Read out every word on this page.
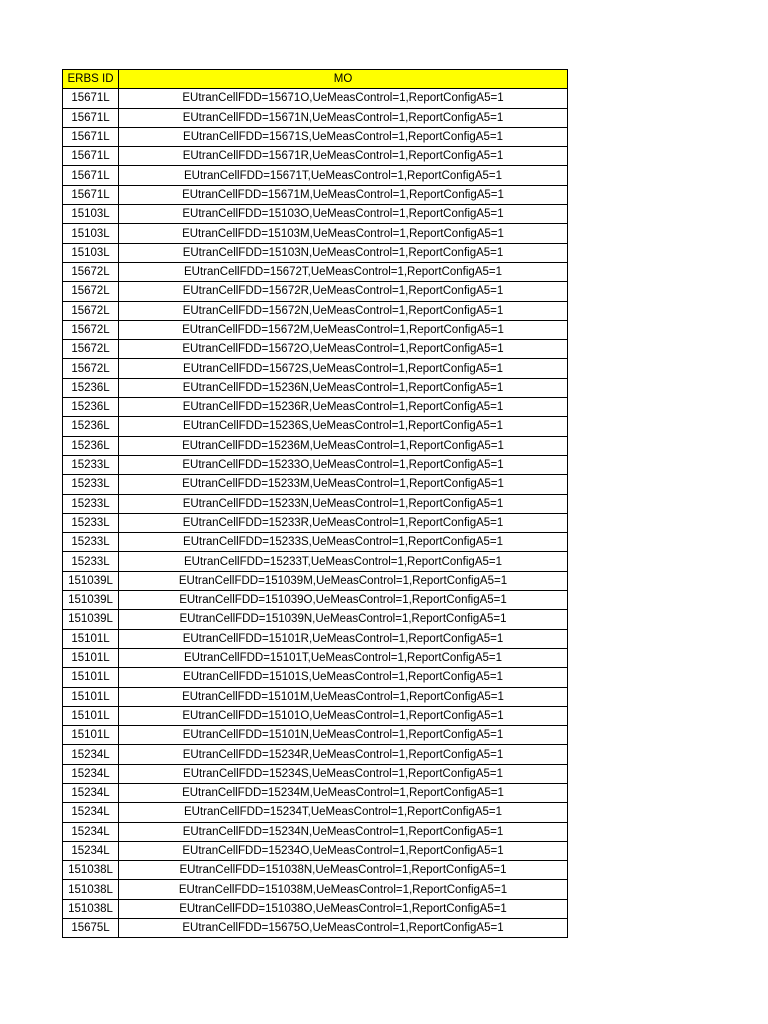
ERBS ID	MO
15671L	EUtranCellFDD=15671O,UeMeasControl=1,ReportConfigA5=1
15671L	EUtranCellFDD=15671N,UeMeasControl=1,ReportConfigA5=1
15671L	EUtranCellFDD=15671S,UeMeasControl=1,ReportConfigA5=1
15671L	EUtranCellFDD=15671R,UeMeasControl=1,ReportConfigA5=1
15671L	EUtranCellFDD=15671T,UeMeasControl=1,ReportConfigA5=1
15671L	EUtranCellFDD=15671M,UeMeasControl=1,ReportConfigA5=1
15103L	EUtranCellFDD=15103O,UeMeasControl=1,ReportConfigA5=1
15103L	EUtranCellFDD=15103M,UeMeasControl=1,ReportConfigA5=1
15103L	EUtranCellFDD=15103N,UeMeasControl=1,ReportConfigA5=1
15672L	EUtranCellFDD=15672T,UeMeasControl=1,ReportConfigA5=1
15672L	EUtranCellFDD=15672R,UeMeasControl=1,ReportConfigA5=1
15672L	EUtranCellFDD=15672N,UeMeasControl=1,ReportConfigA5=1
15672L	EUtranCellFDD=15672M,UeMeasControl=1,ReportConfigA5=1
15672L	EUtranCellFDD=15672O,UeMeasControl=1,ReportConfigA5=1
15672L	EUtranCellFDD=15672S,UeMeasControl=1,ReportConfigA5=1
15236L	EUtranCellFDD=15236N,UeMeasControl=1,ReportConfigA5=1
15236L	EUtranCellFDD=15236R,UeMeasControl=1,ReportConfigA5=1
15236L	EUtranCellFDD=15236S,UeMeasControl=1,ReportConfigA5=1
15236L	EUtranCellFDD=15236M,UeMeasControl=1,ReportConfigA5=1
15233L	EUtranCellFDD=15233O,UeMeasControl=1,ReportConfigA5=1
15233L	EUtranCellFDD=15233M,UeMeasControl=1,ReportConfigA5=1
15233L	EUtranCellFDD=15233N,UeMeasControl=1,ReportConfigA5=1
15233L	EUtranCellFDD=15233R,UeMeasControl=1,ReportConfigA5=1
15233L	EUtranCellFDD=15233S,UeMeasControl=1,ReportConfigA5=1
15233L	EUtranCellFDD=15233T,UeMeasControl=1,ReportConfigA5=1
151039L	EUtranCellFDD=151039M,UeMeasControl=1,ReportConfigA5=1
151039L	EUtranCellFDD=151039O,UeMeasControl=1,ReportConfigA5=1
151039L	EUtranCellFDD=151039N,UeMeasControl=1,ReportConfigA5=1
15101L	EUtranCellFDD=15101R,UeMeasControl=1,ReportConfigA5=1
15101L	EUtranCellFDD=15101T,UeMeasControl=1,ReportConfigA5=1
15101L	EUtranCellFDD=15101S,UeMeasControl=1,ReportConfigA5=1
15101L	EUtranCellFDD=15101M,UeMeasControl=1,ReportConfigA5=1
15101L	EUtranCellFDD=15101O,UeMeasControl=1,ReportConfigA5=1
15101L	EUtranCellFDD=15101N,UeMeasControl=1,ReportConfigA5=1
15234L	EUtranCellFDD=15234R,UeMeasControl=1,ReportConfigA5=1
15234L	EUtranCellFDD=15234S,UeMeasControl=1,ReportConfigA5=1
15234L	EUtranCellFDD=15234M,UeMeasControl=1,ReportConfigA5=1
15234L	EUtranCellFDD=15234T,UeMeasControl=1,ReportConfigA5=1
15234L	EUtranCellFDD=15234N,UeMeasControl=1,ReportConfigA5=1
15234L	EUtranCellFDD=15234O,UeMeasControl=1,ReportConfigA5=1
151038L	EUtranCellFDD=151038N,UeMeasControl=1,ReportConfigA5=1
151038L	EUtranCellFDD=151038M,UeMeasControl=1,ReportConfigA5=1
151038L	EUtranCellFDD=151038O,UeMeasControl=1,ReportConfigA5=1
15675L	EUtranCellFDD=15675O,UeMeasControl=1,ReportConfigA5=1
